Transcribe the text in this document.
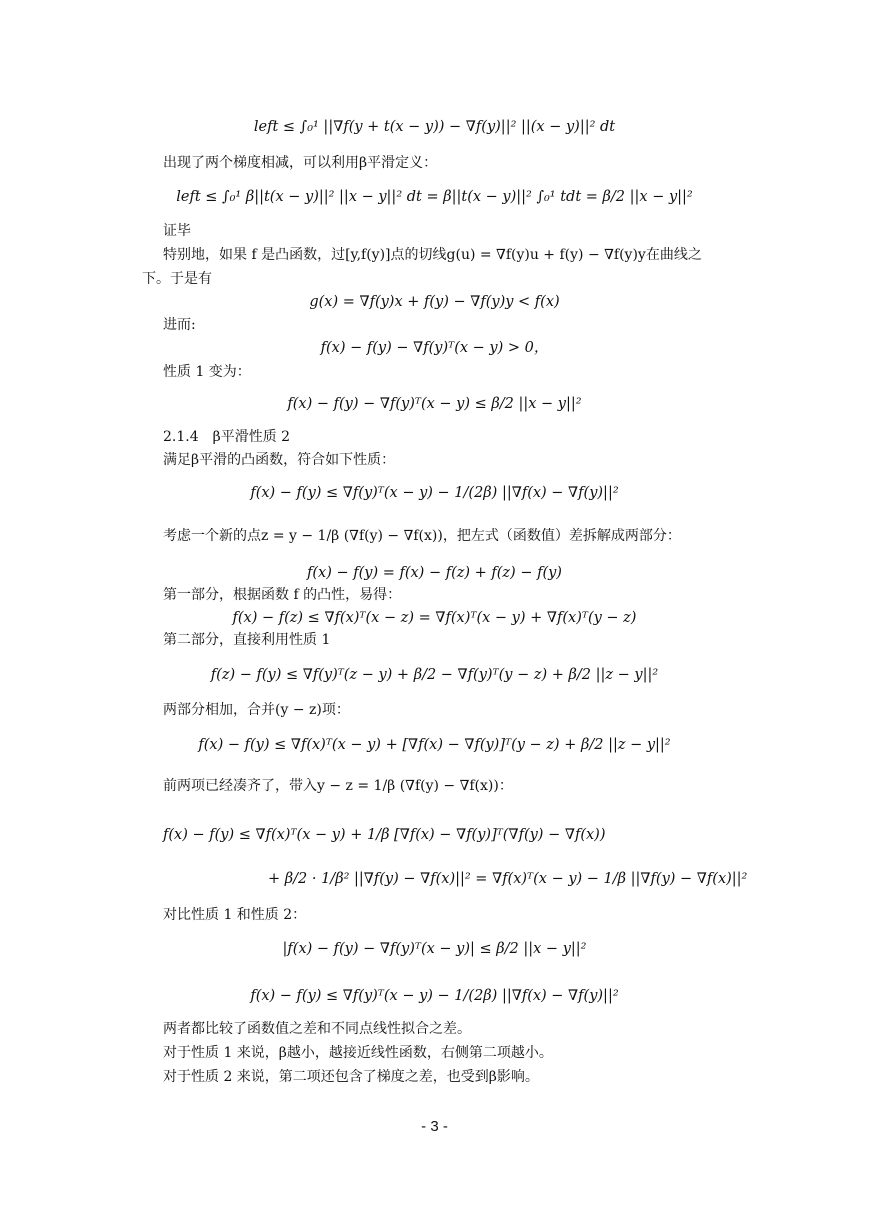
left ≤ ∫₀¹ ||∇f(y + t(x − y)) − ∇f(y)||² ||(x − y)||² dt
出现了两个梯度相减，可以利用β平滑定义：
left ≤ ∫₀¹ β||t(x − y)||² ||x − y||² dt = β||t(x − y)||² ∫₀¹ tdt = β/2 ||x − y||²
证毕
特别地，如果 f 是凸函数，过[y,f(y)]点的切线g(u) = ∇f(y)u + f(y) − ∇f(y)y在曲线之
下。于是有
g(x) = ∇f(y)x + f(y) − ∇f(y)y < f(x)
进而:
f(x) − f(y) − ∇f(y)ᵀ(x − y) > 0，
性质 1 变为：
f(x) − f(y) − ∇f(y)ᵀ(x − y) ≤ β/2 ||x − y||²
2.1.4　β平滑性质 2
满足β平滑的凸函数，符合如下性质：
f(x) − f(y) ≤ ∇f(y)ᵀ(x − y) − 1/(2β) ||∇f(x) − ∇f(y)||²
考虑一个新的点z = y − 1/β (∇f(y) − ∇f(x))，把左式（函数值）差拆解成两部分：
f(x) − f(y) = f(x) − f(z) + f(z) − f(y)
第一部分，根据函数 f 的凸性，易得：
f(x) − f(z) ≤ ∇f(x)ᵀ(x − z) = ∇f(x)ᵀ(x − y) + ∇f(x)ᵀ(y − z)
第二部分，直接利用性质 1
f(z) − f(y) ≤ ∇f(y)ᵀ(z − y) + β/2 − ∇f(y)ᵀ(y − z) + β/2 ||z − y||²
两部分相加，合并(y − z)项：
f(x) − f(y) ≤ ∇f(x)ᵀ(x − y) + [∇f(x) − ∇f(y)]ᵀ(y − z) + β/2 ||z − y||²
前两项已经凑齐了，带入y − z = 1/β (∇f(y) − ∇f(x))：
f(x) − f(y) ≤ ∇f(x)ᵀ(x − y) + 1/β [∇f(x) − ∇f(y)]ᵀ(∇f(y) − ∇f(x))
+ β/2 · 1/β² ||∇f(y) − ∇f(x)||² = ∇f(x)ᵀ(x − y) − 1/β ||∇f(y) − ∇f(x)||²
对比性质 1 和性质 2：
|f(x) − f(y) − ∇f(y)ᵀ(x − y)| ≤ β/2 ||x − y||²
f(x) − f(y) ≤ ∇f(y)ᵀ(x − y) − 1/(2β) ||∇f(x) − ∇f(y)||²
两者都比较了函数值之差和不同点线性拟合之差。
对于性质 1 来说，β越小，越接近线性函数，右侧第二项越小。
对于性质 2 来说，第二项还包含了梯度之差，也受到β影响。
- 3 -
